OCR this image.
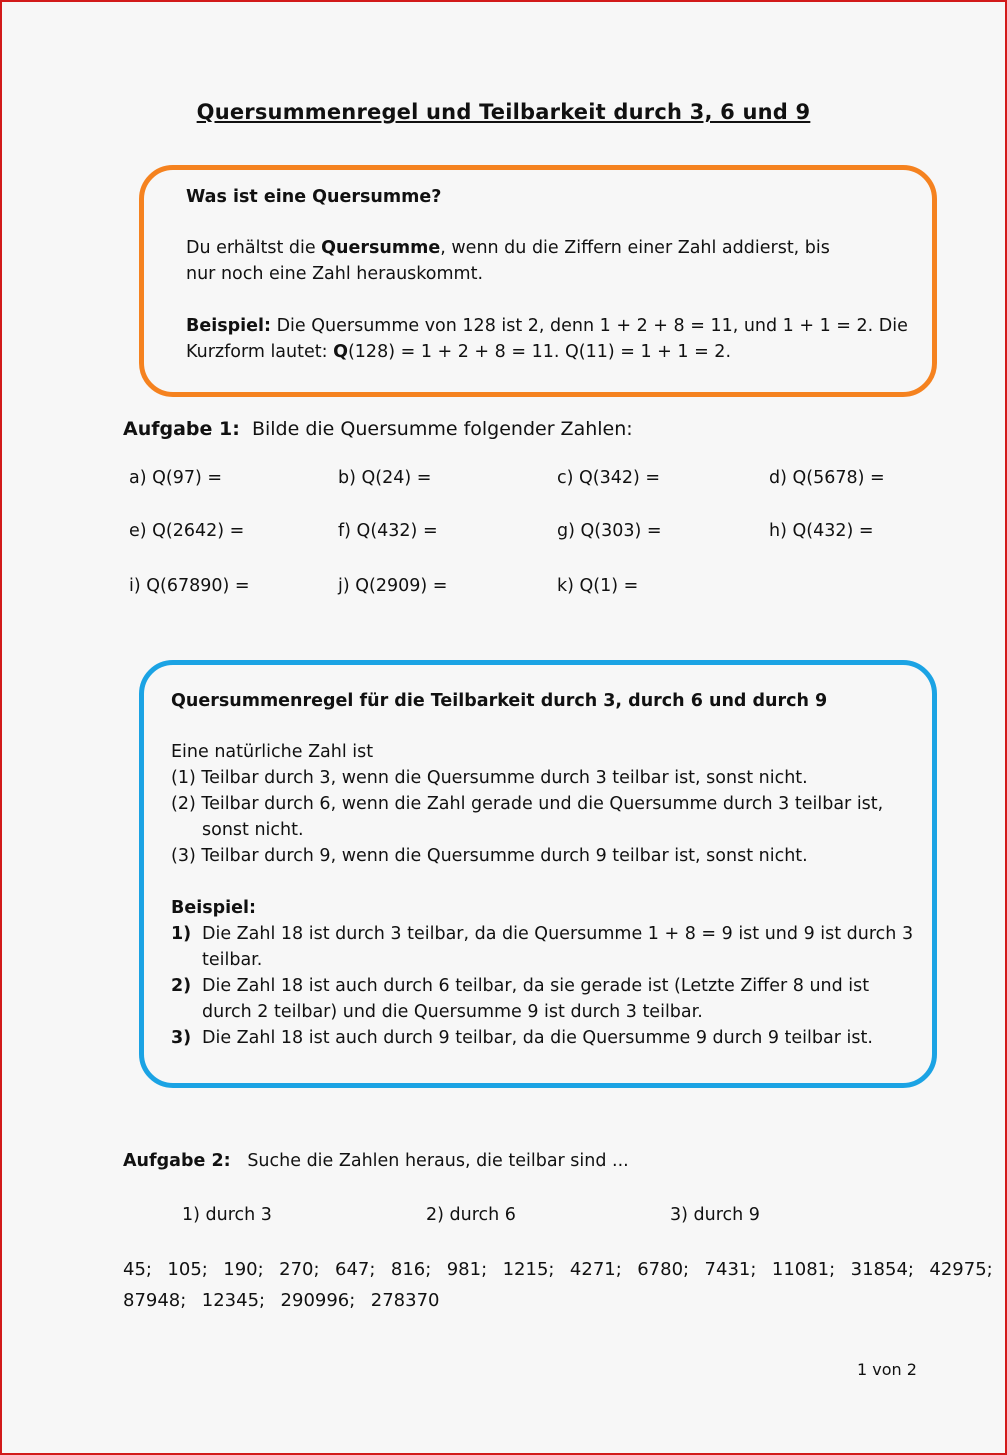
Quersummenregel und Teilbarkeit durch 3, 6 und 9
Was ist eine Quersumme?
Du erhältst die Quersumme, wenn du die Ziffern einer Zahl addierst, bis
nur noch eine Zahl herauskommt.
Beispiel: Die Quersumme von 128 ist 2, denn 1 + 2 + 8 = 11, und 1 + 1 = 2. Die
Kurzform lautet: Q(128) = 1 + 2 + 8 = 11. Q(11) = 1 + 1 = 2.
Aufgabe 1: Bilde die Quersumme folgender Zahlen:
a) Q(97) =	b) Q(24) =	c) Q(342) =	d) Q(5678) =
e) Q(2642) =	f) Q(432) =	g) Q(303) =	h) Q(432) =
i) Q(67890) =	j) Q(2909) =	k) Q(1) =
Quersummenregel für die Teilbarkeit durch 3, durch 6 und durch 9
Eine natürliche Zahl ist
(1) Teilbar durch 3, wenn die Quersumme durch 3 teilbar ist, sonst nicht.
(2) Teilbar durch 6, wenn die Zahl gerade und die Quersumme durch 3 teilbar ist,
sonst nicht.
(3) Teilbar durch 9, wenn die Quersumme durch 9 teilbar ist, sonst nicht.
Beispiel:
1) Die Zahl 18 ist durch 3 teilbar, da die Quersumme 1 + 8 = 9 ist und 9 ist durch 3
teilbar.
2) Die Zahl 18 ist auch durch 6 teilbar, da sie gerade ist (Letzte Ziffer 8 und ist
durch 2 teilbar) und die Quersumme 9 ist durch 3 teilbar.
3) Die Zahl 18 ist auch durch 9 teilbar, da die Quersumme 9 durch 9 teilbar ist.
Aufgabe 2: Suche die Zahlen heraus, die teilbar sind ...
1) durch 3	2) durch 6	3) durch 9
45;  105;  190;  270;  647;  816;  981;  1215;  4271;  6780;  7431;  11081;  31854;  42975;
87948;  12345;  290996;  278370
1 von 2
